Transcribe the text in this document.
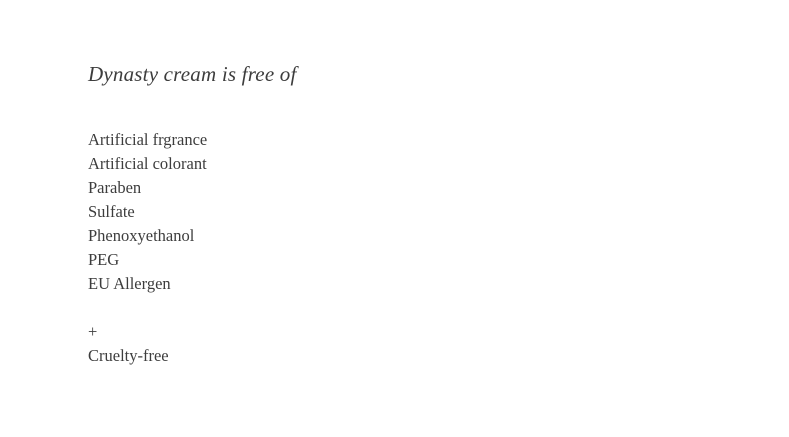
Dynasty cream is free of
Artificial frgrance
Artificial colorant
Paraben
Sulfate
Phenoxyethanol
PEG
EU Allergen
+
Cruelty-free
